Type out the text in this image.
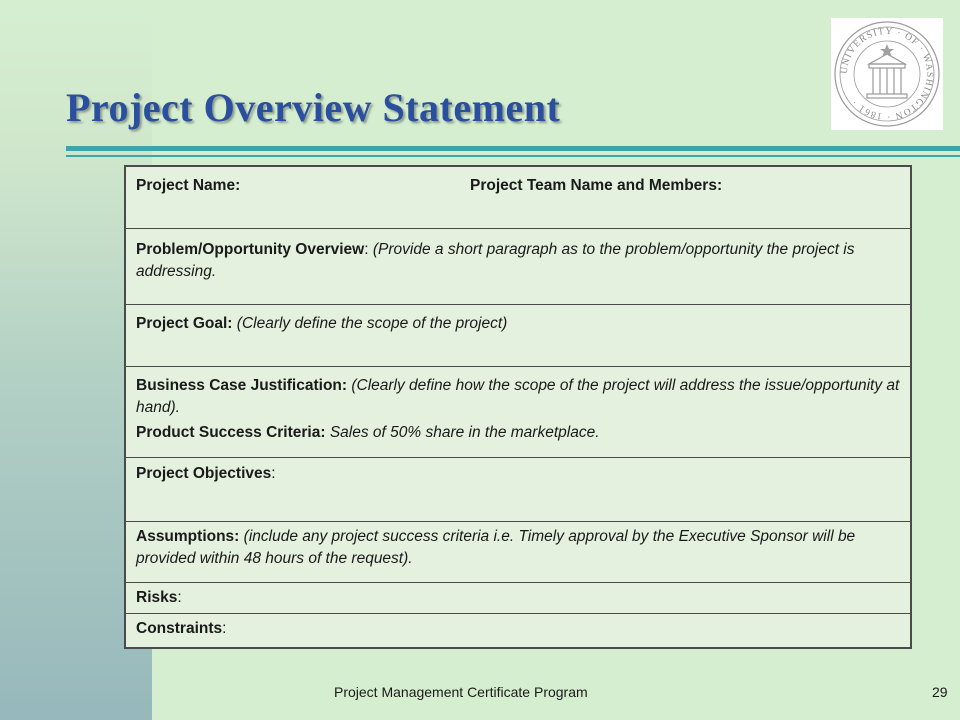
Project Overview Statement
UNIVERSITY · OF · WASHINGTON · 1861 ·
Project Name:	Project Team Name and Members:
Problem/Opportunity Overview: (Provide a short paragraph as to the problem/opportunity the project is addressing.
Project Goal: (Clearly define the scope of the project)
Business Case Justification: (Clearly define how the scope of the project will address the issue/opportunity at hand).
Product Success Criteria: Sales of 50% share in the marketplace.
Project Objectives:
Assumptions: (include any project success criteria i.e. Timely approval by the Executive Sponsor will be provided within 48 hours of the request).
Risks:
Constraints:
Project Management Certificate Program	29
